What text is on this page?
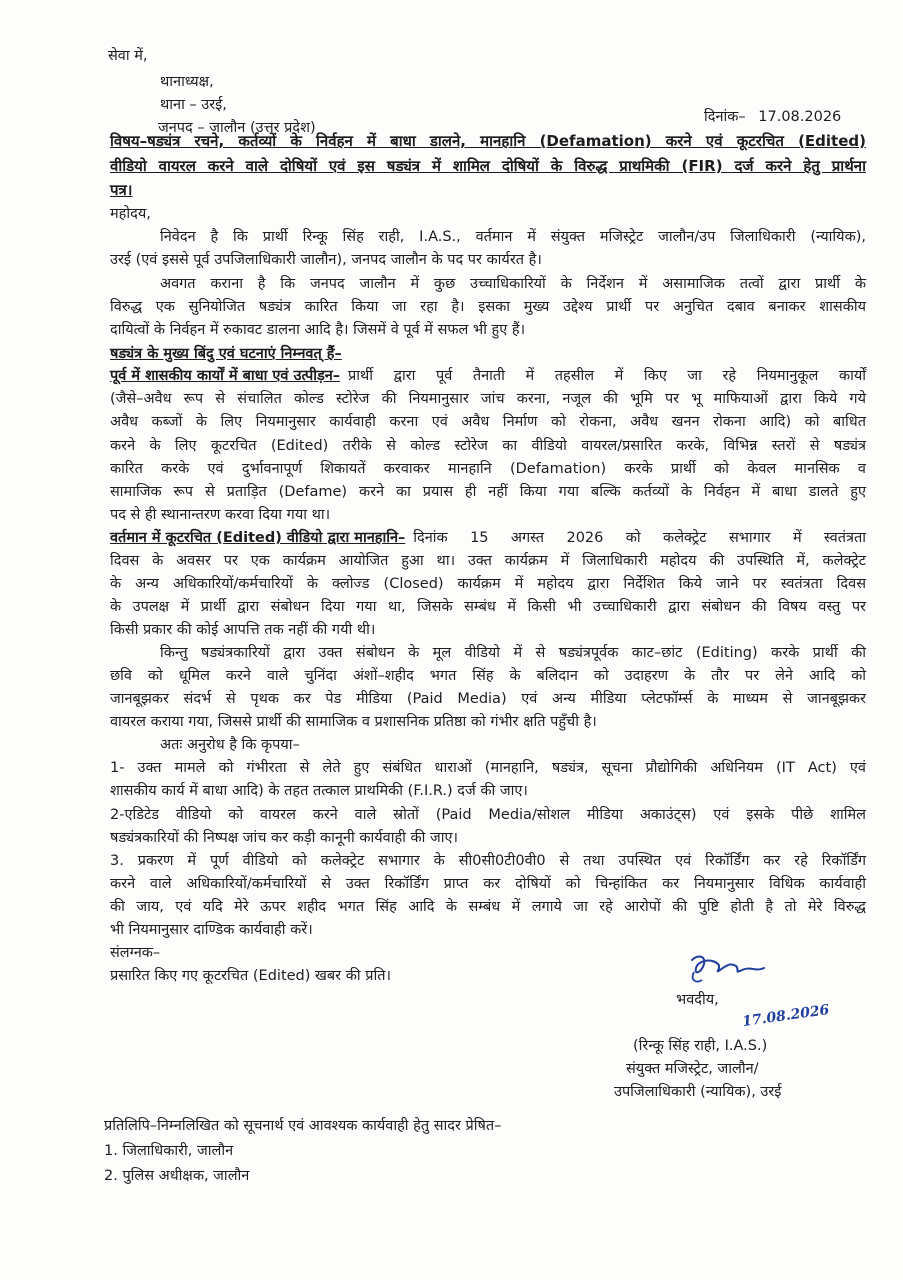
सेवा में,
थानाध्यक्ष,
थाना – उरई,
जनपद – जालौन (उत्तर प्रदेश)
दिनांक– 17.08.2026
विषय–षड्यंत्र रचने, कर्तव्यों के निर्वहन में बाधा डालने, मानहानि (Defamation) करने एवं कूटरचित (Edited)
वीडियो वायरल करने वाले दोषियों एवं इस षड्यंत्र में शामिल दोषियों के विरुद्ध प्राथमिकी (FIR) दर्ज करने हेतु प्रार्थना
पत्र।
महोदय,
निवेदन है कि प्रार्थी रिन्कू सिंह राही, I.A.S., वर्तमान में संयुक्त मजिस्ट्रेट जालौन/उप जिलाधिकारी (न्यायिक),
उरई (एवं इससे पूर्व उपजिलाधिकारी जालौन), जनपद जालौन के पद पर कार्यरत है।
अवगत कराना है कि जनपद जालौन में कुछ उच्चाधिकारियों के निर्देशन में असामाजिक तत्वों द्वारा प्रार्थी के
विरुद्ध एक सुनियोजित षड्यंत्र कारित किया जा रहा है। इसका मुख्य उद्देश्य प्रार्थी पर अनुचित दबाव बनाकर शासकीय
दायित्वों के निर्वहन में रुकावट डालना आदि है। जिसमें वे पूर्व में सफल भी हुए हैं।
षड्यंत्र के मुख्य बिंदु एवं घटनाएं निम्नवत् हैं–
पूर्व में शासकीय कार्यों में बाधा एवं उत्पीड़न– प्रार्थी द्वारा पूर्व तैनाती में तहसील में किए जा रहे नियमानुकूल कार्यों
(जैसे–अवैध रूप से संचालित कोल्ड स्टोरेज की नियमानुसार जांच करना, नजूल की भूमि पर भू माफियाओं द्वारा किये गये
अवैध कब्जों के लिए नियमानुसार कार्यवाही करना एवं अवैध निर्माण को रोकना, अवैध खनन रोकना आदि) को बाधित
करने के लिए कूटरचित (Edited) तरीके से कोल्ड स्टोरेज का वीडियो वायरल/प्रसारित करके, विभिन्न स्तरों से षड्यंत्र
कारित करके एवं दुर्भावनापूर्ण शिकायतें करवाकर मानहानि (Defamation) करके प्रार्थी को केवल मानसिक व
सामाजिक रूप से प्रताड़ित (Defame) करने का प्रयास ही नहीं किया गया बल्कि कर्तव्यों के निर्वहन में बाधा डालते हुए
पद से ही स्थानान्तरण करवा दिया गया था।
वर्तमान में कूटरचित (Edited) वीडियो द्वारा मानहानि– दिनांक 15 अगस्त 2026 को कलेक्ट्रेट सभागार में स्वतंत्रता
दिवस के अवसर पर एक कार्यक्रम आयोजित हुआ था। उक्त कार्यक्रम में जिलाधिकारी महोदय की उपस्थिति में, कलेक्ट्रेट
के अन्य अधिकारियों/कर्मचारियों के क्लोज्ड (Closed) कार्यक्रम में महोदय द्वारा निर्देशित किये जाने पर स्वतंत्रता दिवस
के उपलक्ष में प्रार्थी द्वारा संबोधन दिया गया था, जिसके सम्बंध में किसी भी उच्चाधिकारी द्वारा संबोधन की विषय वस्तु पर
किसी प्रकार की कोई आपत्ति तक नहीं की गयी थी।
किन्तु षड्यंत्रकारियों द्वारा उक्त संबोधन के मूल वीडियो में से षड्यंत्रपूर्वक काट–छांट (Editing) करके प्रार्थी की
छवि को धूमिल करने वाले चुनिंदा अंशों–शहीद भगत सिंह के बलिदान को उदाहरण के तौर पर लेने आदि को
जानबूझकर संदर्भ से पृथक कर पेड मीडिया (Paid Media) एवं अन्य मीडिया प्लेटफॉर्म्स के माध्यम से जानबूझकर
वायरल कराया गया, जिससे प्रार्थी की सामाजिक व प्रशासनिक प्रतिष्ठा को गंभीर क्षति पहुँची है।
अतः अनुरोध है कि कृपया–
1- उक्त मामले को गंभीरता से लेते हुए संबंधित धाराओं (मानहानि, षड्यंत्र, सूचना प्रौद्योगिकी अधिनियम (IT Act) एवं
शासकीय कार्य में बाधा आदि) के तहत तत्काल प्राथमिकी (F.I.R.) दर्ज की जाए।
2-एडिटेड वीडियो को वायरल करने वाले स्रोतों (Paid Media/सोशल मीडिया अकाउंट्स) एवं इसके पीछे शामिल
षड्यंत्रकारियों की निष्पक्ष जांच कर कड़ी कानूनी कार्यवाही की जाए।
3. प्रकरण में पूर्ण वीडियो को कलेक्ट्रेट सभागार के सी0सी0टी0वी0 से तथा उपस्थित एवं रिकॉर्डिंग कर रहे रिकॉर्डिंग
करने वाले अधिकारियों/कर्मचारियों से उक्त रिकॉर्डिंग प्राप्त कर दोषियों को चिन्हांकित कर नियमानुसार विधिक कार्यवाही
की जाय, एवं यदि मेरे ऊपर शहीद भगत सिंह आदि के सम्बंध में लगाये जा रहे आरोपों की पुष्टि होती है तो मेरे विरुद्ध
भी नियमानुसार दाण्डिक कार्यवाही करें।
संलग्नक–
प्रसारित किए गए कूटरचित (Edited) खबर की प्रति।
भवदीय,
17.08.2026
(रिन्कू सिंह राही, I.A.S.)
संयुक्त मजिस्ट्रेट, जालौन/
उपजिलाधिकारी (न्यायिक), उरई
प्रतिलिपि–निम्नलिखित को सूचनार्थ एवं आवश्यक कार्यवाही हेतु सादर प्रेषित–
1. जिलाधिकारी, जालौन
2. पुलिस अधीक्षक, जालौन
